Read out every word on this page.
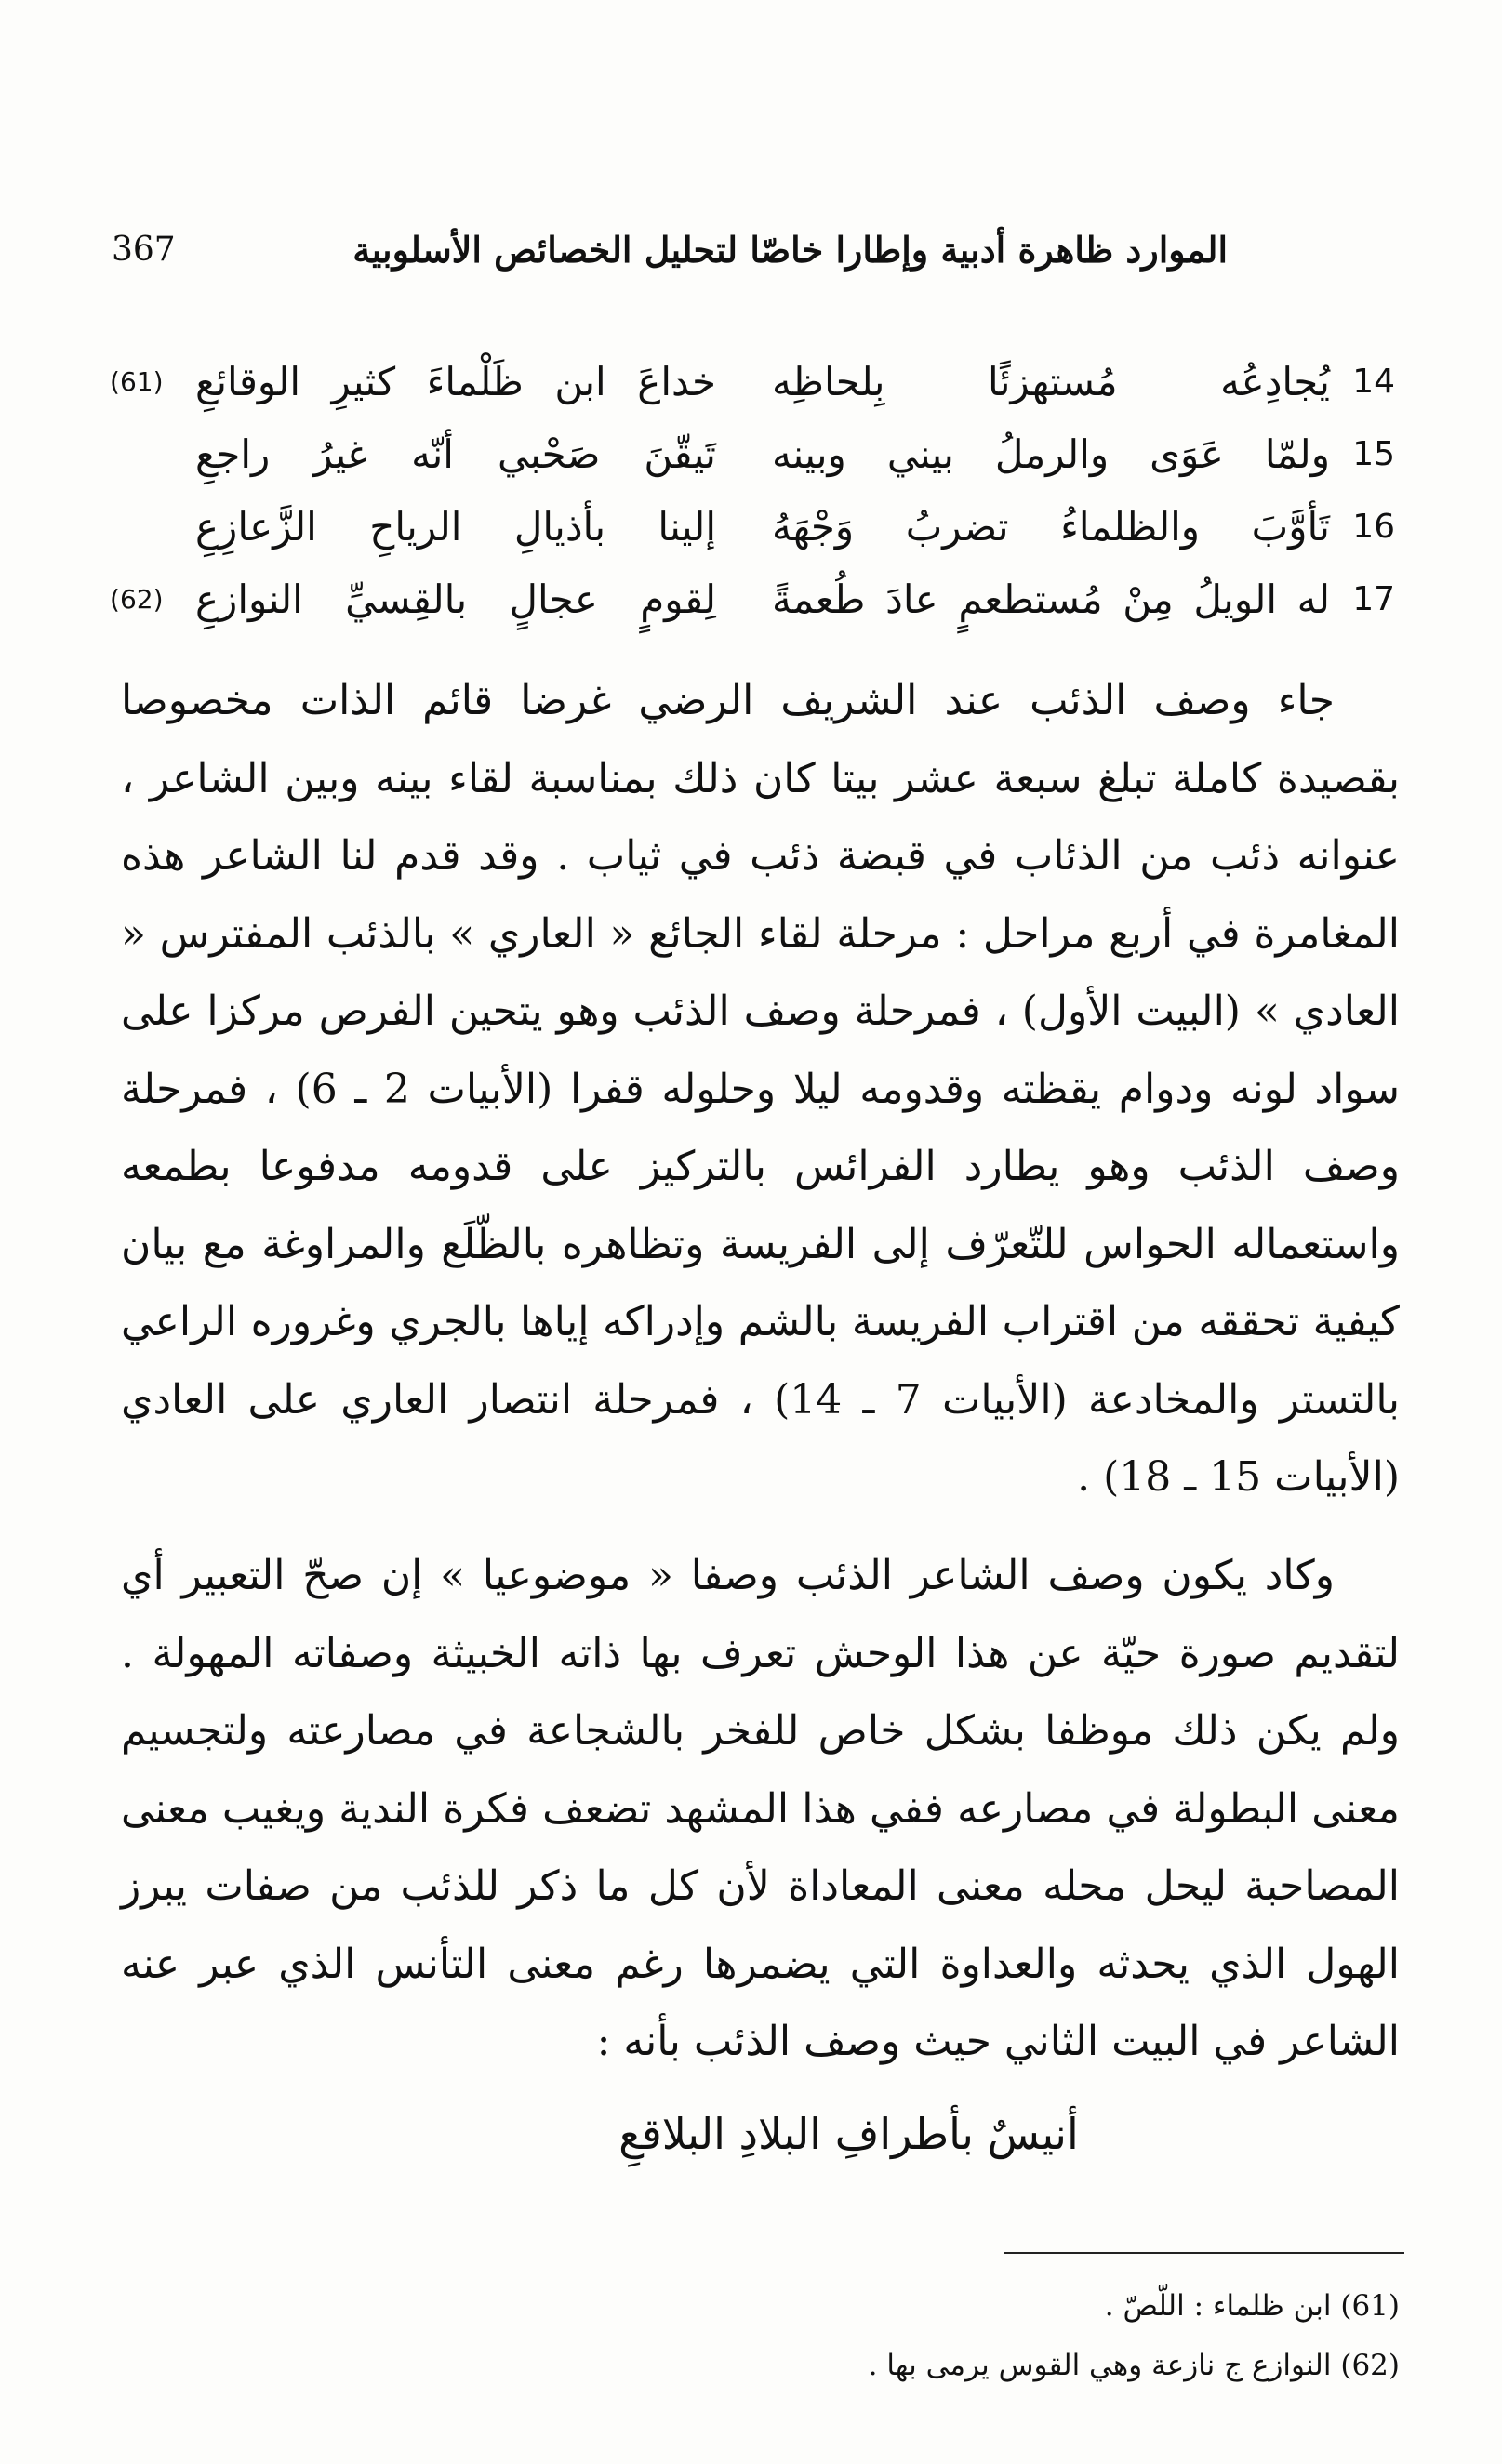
367	الموارد ظاهرة أدبية وإطارا خاصّا لتحليل الخصائص الأسلوبية
14
يُجادِعُه مُستهزئًا بِلحاظِه
خداعَ ابن ظَلْماءَ كثيرِ الوقائعِ
(61)
15
ولمّا عَوَى والرملُ بيني وبينه
تَيقّنَ صَحْبي أنّه غيرُ راجعِ
16
تَأوَّبَ والظلماءُ تضربُ وَجْهَهُ
إلينا بأذيالِ الرياحِ الزَّعازِعِ
17
له الويلُ مِنْ مُستطعمٍ عادَ طُعمةً
لِقومٍ عجالٍ بالقِسيِّ النوازعِ
(62)
جاء وصف الذئب عند الشريف الرضي غرضا قائم الذات مخصوصا بقصيدة كاملة تبلغ سبعة عشر بيتا كان ذلك بمناسبة لقاء بينه وبين الشاعر ، عنوانه ذئب من الذئاب في قبضة ذئب في ثياب . وقد قدم لنا الشاعر هذه المغامرة في أربع مراحل : مرحلة لقاء الجائع « العاري » بالذئب المفترس « العادي » (البيت الأول) ، فمرحلة وصف الذئب وهو يتحين الفرص مركزا على سواد لونه ودوام يقظته وقدومه ليلا وحلوله قفرا (الأبيات 2 ـ 6) ، فمرحلة وصف الذئب وهو يطارد الفرائس بالتركيز على قدومه مدفوعا بطمعه واستعماله الحواس للتّعرّف إلى الفريسة وتظاهره بالظّلَع والمراوغة مع بيان كيفية تحققه من اقتراب الفريسة بالشم وإدراكه إياها بالجري وغروره الراعي بالتستر والمخادعة (الأبيات 7 ـ 14) ، فمرحلة انتصار العاري على العادي (الأبيات 15 ـ 18) .
وكاد يكون وصف الشاعر الذئب وصفا « موضوعيا » إن صحّ التعبير أي لتقديم صورة حيّة عن هذا الوحش تعرف بها ذاته الخبيثة وصفاته المهولة . ولم يكن ذلك موظفا بشكل خاص للفخر بالشجاعة في مصارعته ولتجسيم معنى البطولة في مصارعه ففي هذا المشهد تضعف فكرة الندية ويغيب معنى المصاحبة ليحل محله معنى المعاداة لأن كل ما ذكر للذئب من صفات يبرز الهول الذي يحدثه والعداوة التي يضمرها رغم معنى التأنس الذي عبر عنه الشاعر في البيت الثاني حيث وصف الذئب بأنه :
أنيسٌ بأطرافِ البلادِ البلاقعِ
(61) ابن ظلماء : اللّصّ .
(62) النوازع ج نازعة وهي القوس يرمى بها .
